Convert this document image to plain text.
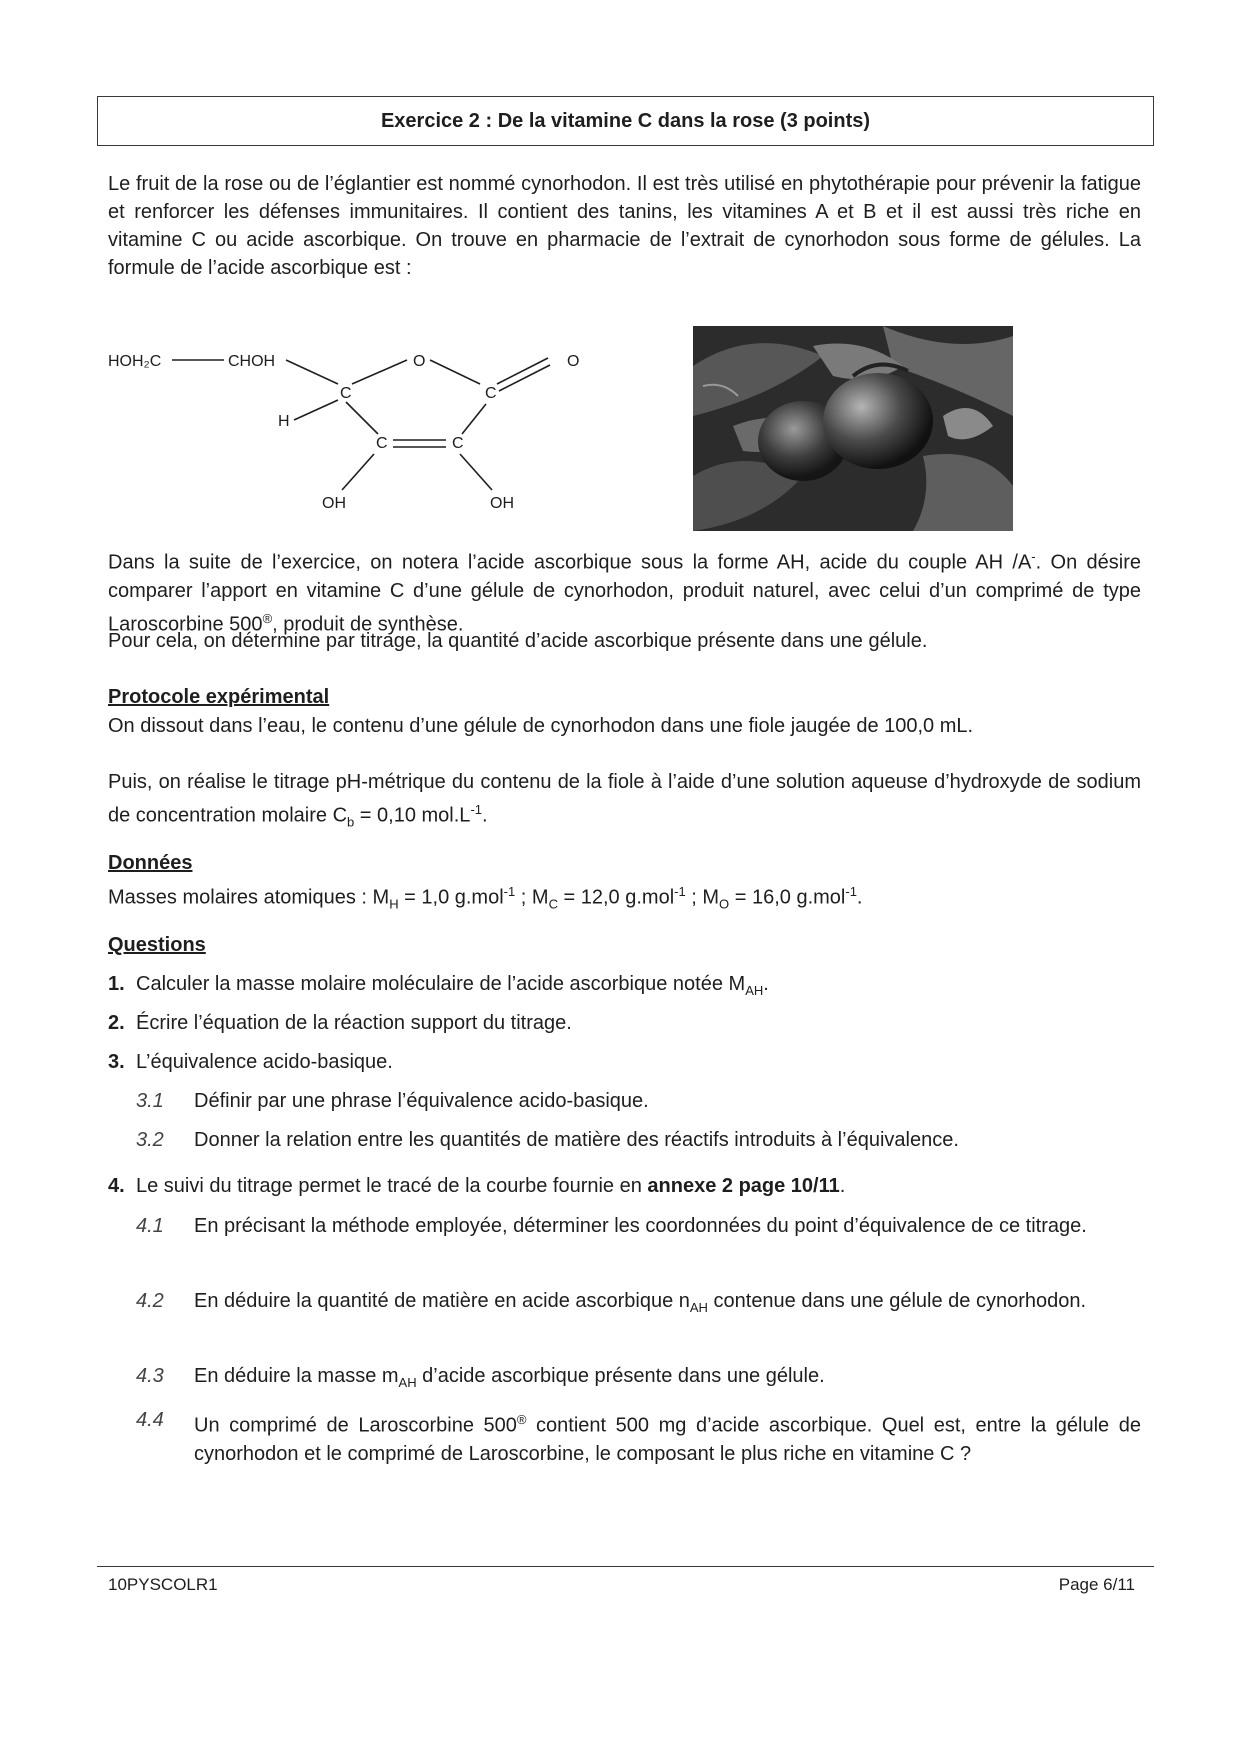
Exercice 2 : De la vitamine C dans la rose (3 points)

Le fruit de la rose ou de l’églantier est nommé cynorhodon. Il est très utilisé en phytothérapie pour prévenir la fatigue et renforcer les défenses immunitaires. Il contient des tanins, les vitamines A et B et il est aussi très riche en vitamine C ou acide ascorbique. On trouve en pharmacie de l’extrait de cynorhodon sous forme de gélules. La formule de l’acide ascorbique est :

HOH₂C	CHOH	O	O
C	C
C	C
H
OH	OH

Dans la suite de l’exercice, on notera l’acide ascorbique sous la forme AH, acide du couple AH /A-. On désire comparer l’apport en vitamine C d’une gélule de cynorhodon, produit naturel, avec celui d’un comprimé de type Laroscorbine 500®, produit de synthèse.

Pour cela, on détermine par titrage, la quantité d’acide ascorbique présente dans une gélule.

Protocole expérimental

On dissout dans l’eau, le contenu d’une gélule de cynorhodon dans une fiole jaugée de 100,0 mL.

Puis, on réalise le titrage pH-métrique du contenu de la fiole à l’aide d’une solution aqueuse d’hydroxyde de sodium de concentration molaire $C_b = 0,10$ $mol.L^{-1}$.

Données

Masses molaires atomiques : $M_H = 1,0$ g.mol$^{-1}$ ; $M_C = 12,0$ g.mol$^{-1}$ ; $M_O = 16,0$ g.mol$^{-1}$.

Questions

1. Calculer la masse molaire moléculaire de l’acide ascorbique notée $M_{AH}$.
2. Écrire l’équation de la réaction support du titrage.
3. L’équivalence acido-basique.
3.1	Définir par une phrase l’équivalence acido-basique.
3.2	Donner la relation entre les quantités de matière des réactifs introduits à l’équivalence.
4. Le suivi du titrage permet le tracé de la courbe fournie en annexe 2 page 10/11.
4.1	En précisant la méthode employée, déterminer les coordonnées du point d’équivalence de ce titrage.
4.2	En déduire la quantité de matière en acide ascorbique $n_{AH}$ contenue dans une gélule de cynorhodon.
4.3	En déduire la masse $m_{AH}$ d’acide ascorbique présente dans une gélule.
4.4	Un comprimé de Laroscorbine 500® contient 500 mg d’acide ascorbique. Quel est, entre la gélule de cynorhodon et le comprimé de Laroscorbine, le composant le plus riche en vitamine C ?
10PYSCOLR1	Page 6/11
